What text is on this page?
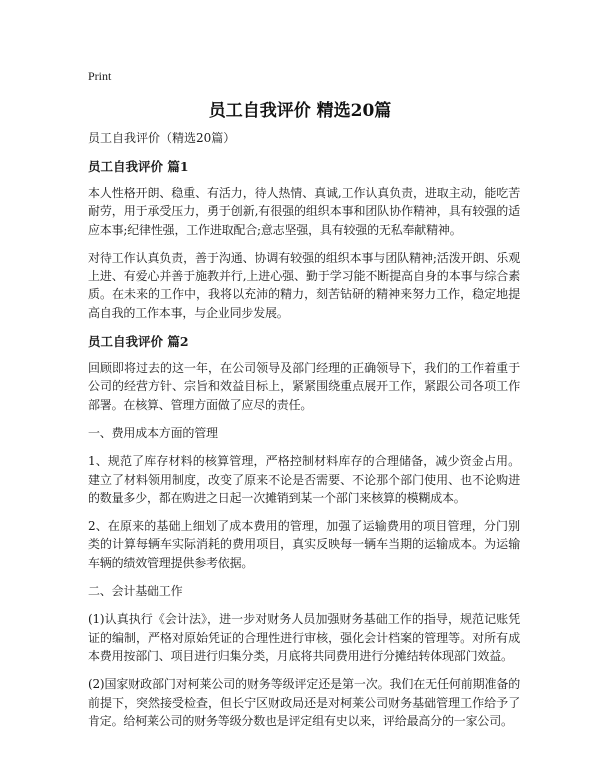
Print
员工自我评价 精选20篇

员工自我评价（精选20篇）

员工自我评价 篇1

本人性格开朗、稳重、有活力，待人热情、真诚,工作认真负责，进取主动，能吃苦耐劳，用于承受压力，勇于创新,有很强的组织本事和团队协作精神，具有较强的适应本事;纪律性强，工作进取配合;意志坚强，具有较强的无私奉献精神。

对待工作认真负责，善于沟通、协调有较强的组织本事与团队精神;活泼开朗、乐观上进、有爱心并善于施教并行,上进心强、勤于学习能不断提高自身的本事与综合素质。在未来的工作中，我将以充沛的精力，刻苦钻研的精神来努力工作，稳定地提高自我的工作本事，与企业同步发展。

员工自我评价 篇2

回顾即将过去的这一年，在公司领导及部门经理的正确领导下，我们的工作着重于公司的经营方针、宗旨和效益目标上，紧紧围绕重点展开工作，紧跟公司各项工作部署。在核算、管理方面做了应尽的责任。

一、费用成本方面的管理

1、规范了库存材料的核算管理，严格控制材料库存的合理储备，减少资金占用。建立了材料领用制度，改变了原来不论是否需要、不论那个部门使用、也不论购进的数量多少，都在购进之日起一次摊销到某一个部门来核算的模糊成本。

2、在原来的基础上细划了成本费用的管理，加强了运输费用的项目管理，分门别类的计算每辆车实际消耗的费用项目，真实反映每一辆车当期的运输成本。为运输车辆的绩效管理提供参考依据。

二、会计基础工作

(1)认真执行《会计法》，进一步对财务人员加强财务基础工作的指导，规范记账凭证的编制，严格对原始凭证的合理性进行审核，强化会计档案的管理等。对所有成本费用按部门、项目进行归集分类，月底将共同费用进行分摊结转体现部门效益。

(2)国家财政部门对柯莱公司的财务等级评定还是第一次。我们在无任何前期准备的前提下，突然接受检查，但长宁区财政局还是对柯莱公司财务基础管理工作给予了肯定。给柯莱公司的财务等级分数也是评定组有史以来，评给最高分的一家公司。
